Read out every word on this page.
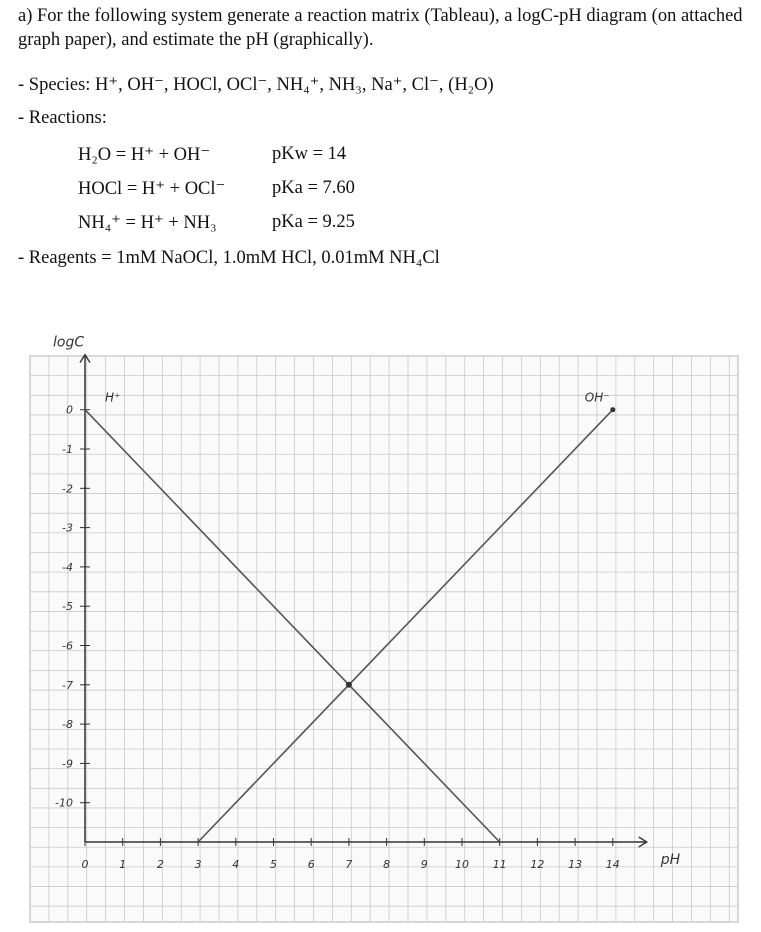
a) For the following system generate a reaction matrix (Tableau), a logC-pH diagram (on attached graph paper), and estimate the pH (graphically).
- Species: H⁺, OH⁻, HOCl, OCl⁻, NH₄⁺, NH₃, Na⁺, Cl⁻, (H₂O)
- Reactions:
H₂O = H⁺ + OH⁻	pKw = 14
HOCl = H⁺ + OCl⁻	pKa = 7.60
NH₄⁺ = H⁺ + NH₃	pKa = 9.25
- Reagents = 1mM NaOCl, 1.0mM HCl, 0.01mM NH₄Cl
0	1	2	3	4	5	6	7	8	9 10 11 12 13 14
0
-1
-2
-3
-4
-5
-6
-7
-8
-9
-10
pH
logC
H⁺	OH⁻
